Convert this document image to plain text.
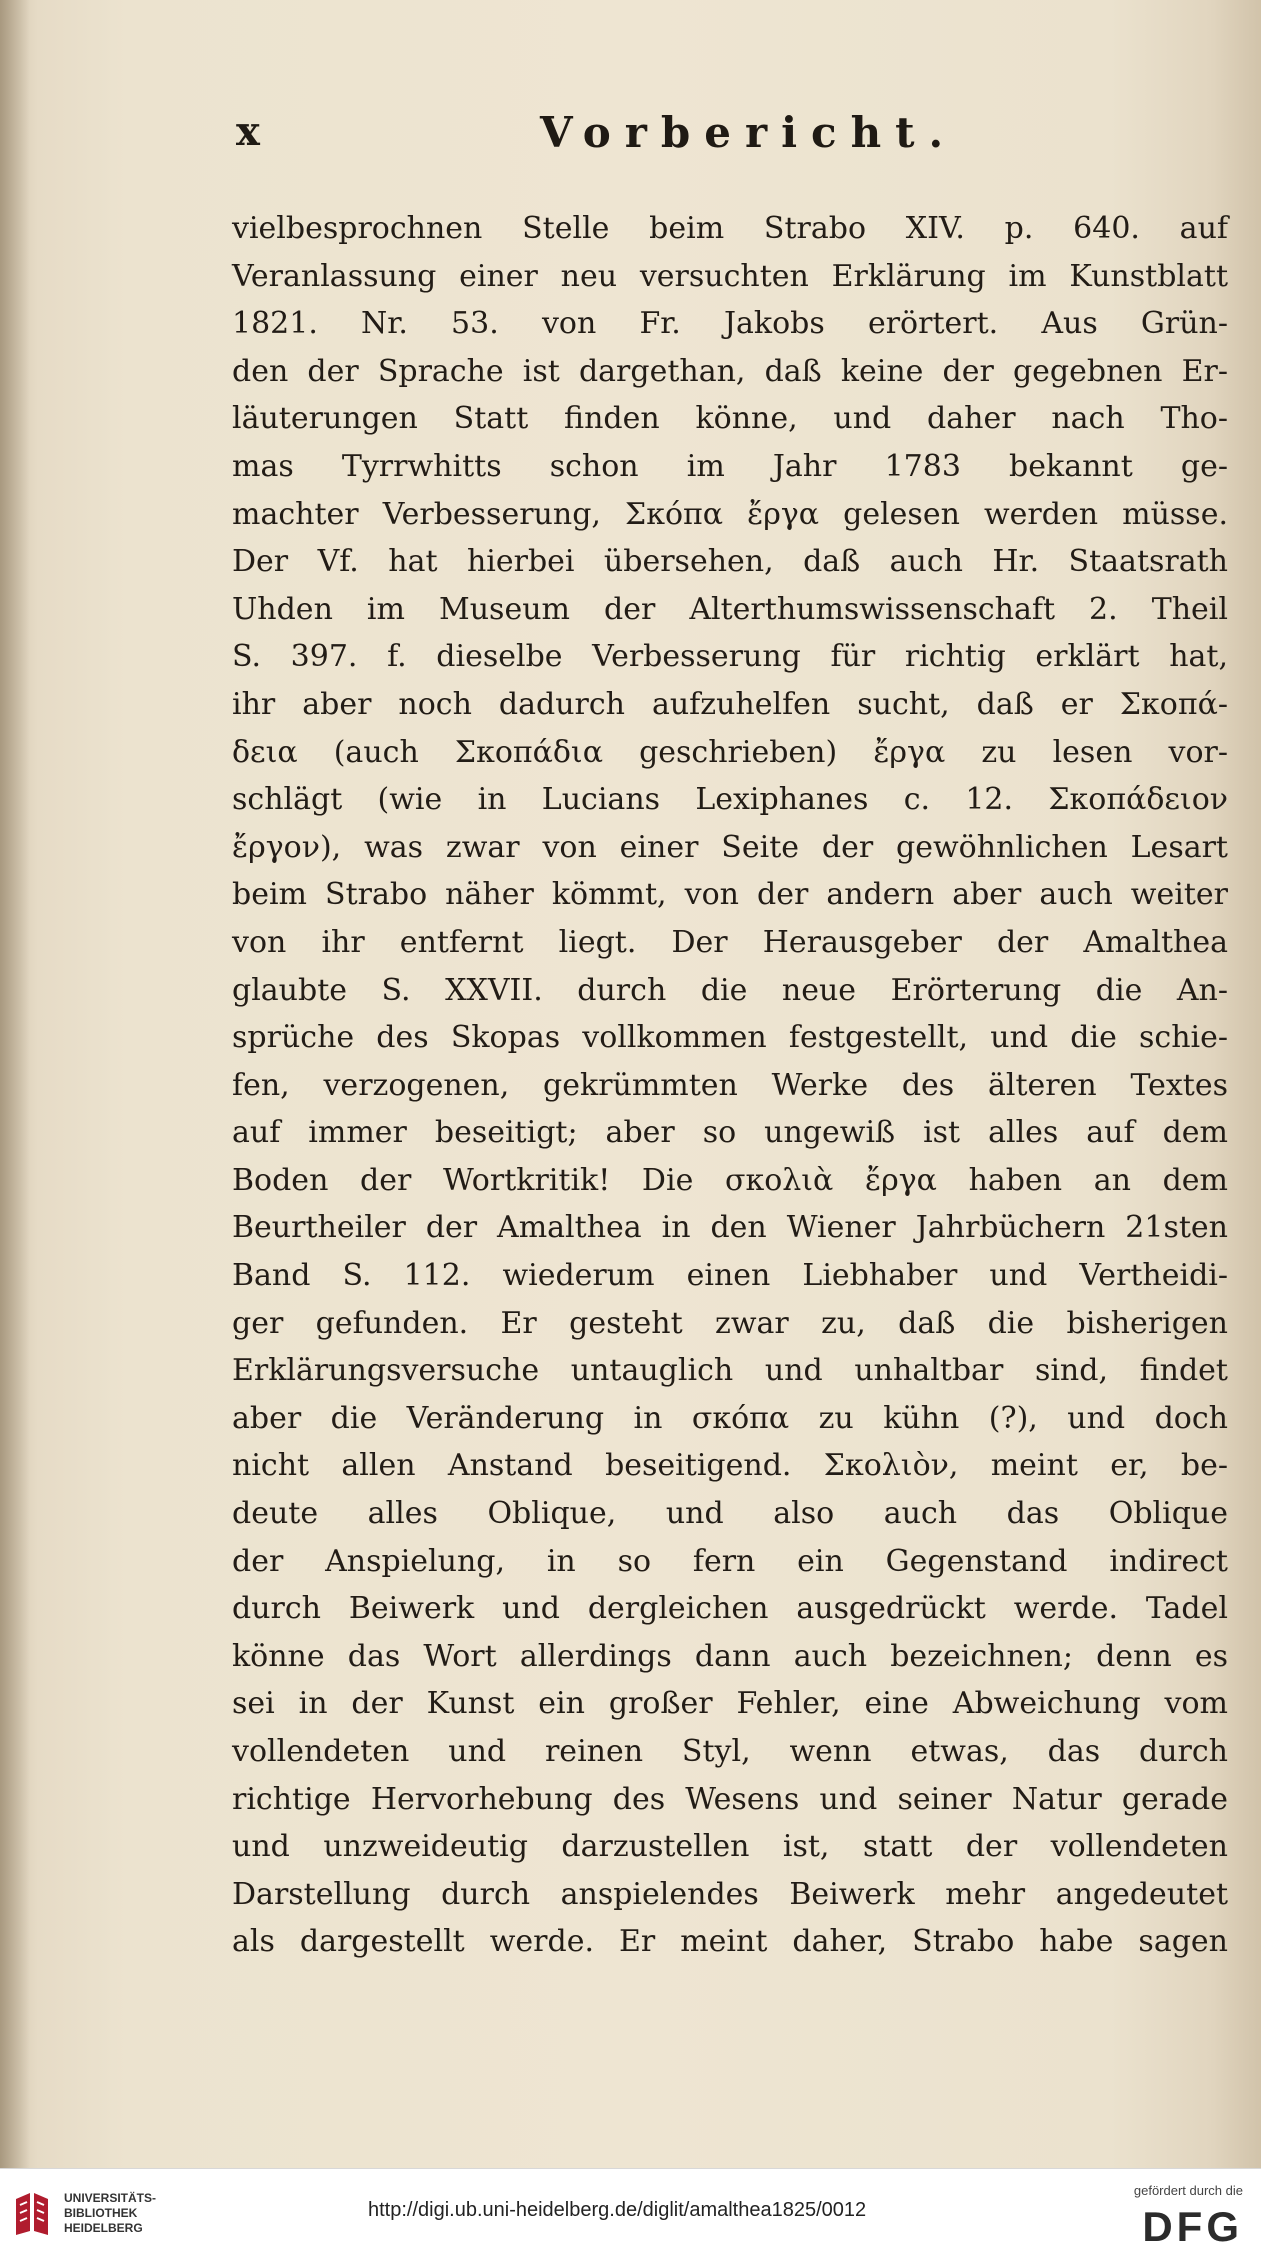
x	Vorbericht.

vielbesprochnen Stelle beim Strabo XIV. p. 640. auf
Veranlassung einer neu versuchten Erklärung im Kunstblatt
1821. Nr. 53. von Fr. Jakobs erörtert. Aus Grün-
den der Sprache ist dargethan, daß keine der gegebnen Er-
läuterungen Statt finden könne, und daher nach Tho-
mas Tyrrwhitts schon im Jahr 1783 bekannt ge-
machter Verbesserung, Σκόπα ἔργα gelesen werden müsse.
Der Vf. hat hierbei übersehen, daß auch Hr. Staatsrath
Uhden im Museum der Alterthumswissenschaft 2. Theil
S. 397. f. dieselbe Verbesserung für richtig erklärt hat,
ihr aber noch dadurch aufzuhelfen sucht, daß er Σκοπά-
δεια (auch Σκοπάδια geschrieben) ἔργα zu lesen vor-
schlägt (wie in Lucians Lexiphanes c. 12. Σκοπάδειον
ἔργον), was zwar von einer Seite der gewöhnlichen Lesart
beim Strabo näher kömmt, von der andern aber auch weiter
von ihr entfernt liegt. Der Herausgeber der Amalthea
glaubte S. XXVII. durch die neue Erörterung die An-
sprüche des Skopas vollkommen festgestellt, und die schie-
fen, verzogenen, gekrümmten Werke des älteren Textes
auf immer beseitigt; aber so ungewiß ist alles auf dem
Boden der Wortkritik! Die σκολιὰ ἔργα haben an dem
Beurtheiler der Amalthea in den Wiener Jahrbüchern 21sten
Band S. 112. wiederum einen Liebhaber und Vertheidi-
ger gefunden. Er gesteht zwar zu, daß die bisherigen
Erklärungsversuche untauglich und unhaltbar sind, findet
aber die Veränderung in σκόπα zu kühn (?), und doch
nicht allen Anstand beseitigend. Σκολιὸν, meint er, be-
deute alles Oblique, und also auch das Oblique
der Anspielung, in so fern ein Gegenstand indirect
durch Beiwerk und dergleichen ausgedrückt werde. Tadel
könne das Wort allerdings dann auch bezeichnen; denn es
sei in der Kunst ein großer Fehler, eine Abweichung vom
vollendeten und reinen Styl, wenn etwas, das durch
richtige Hervorhebung des Wesens und seiner Natur gerade
und unzweideutig darzustellen ist, statt der vollendeten
Darstellung durch anspielendes Beiwerk mehr angedeutet
als dargestellt werde. Er meint daher, Strabo habe sagen
UNIVERSITÄTS-
BIBLIOTHEK
HEIDELBERG
http://digi.ub.uni-heidelberg.de/diglit/amalthea1825/0012
gefördert durch die
DFG
